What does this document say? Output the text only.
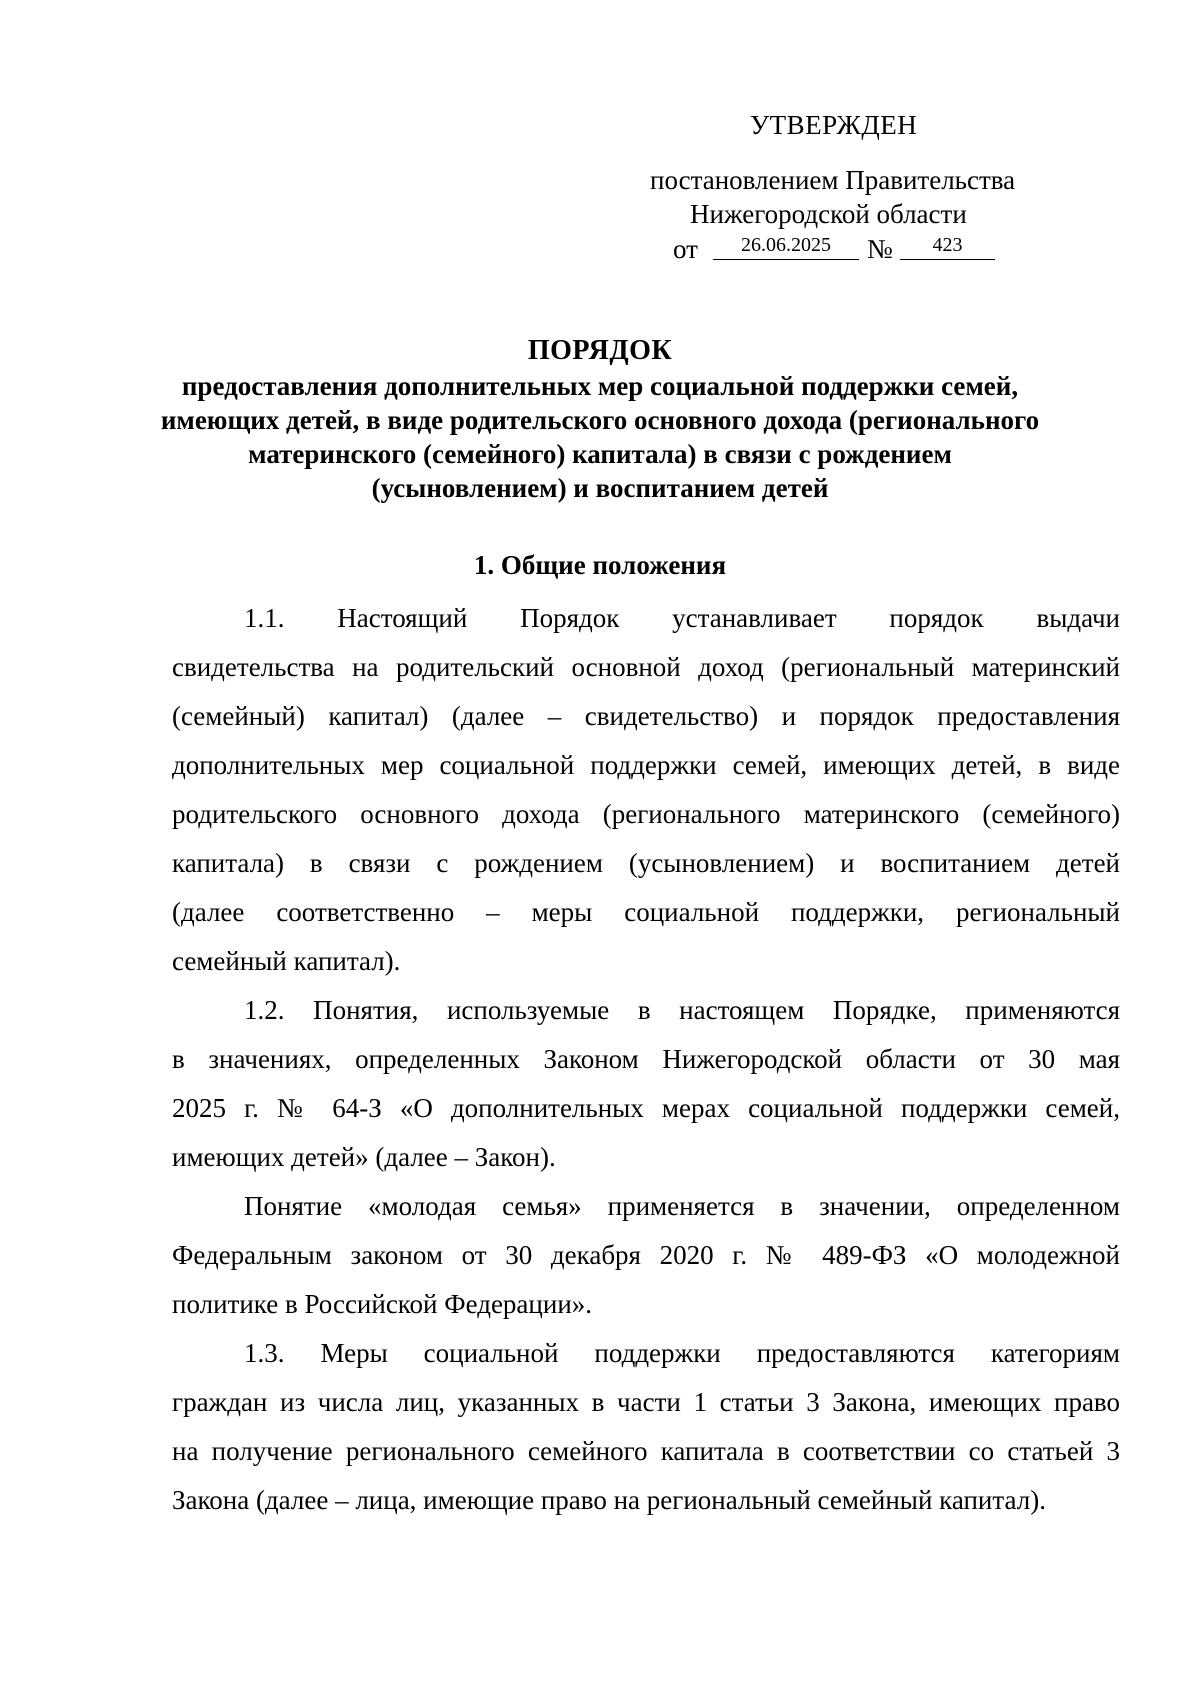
УТВЕРЖДЕН
постановлением Правительства
Нижегородской области
от	26.06.2025	№	423
ПОРЯДОК
предоставления дополнительных мер социальной поддержки семей,
имеющих детей, в виде родительского основного дохода (регионального
материнского (семейного) капитала) в связи с рождением
(усыновлением) и воспитанием детей
1. Общие положения
1.1. Настоящий Порядок устанавливает порядок выдачи
свидетельства на родительский основной доход (региональный материнский
(семейный) капитал) (далее – свидетельство) и порядок предоставления
дополнительных мер социальной поддержки семей, имеющих детей, в виде
родительского основного дохода (регионального материнского (семейного)
капитала) в связи с рождением (усыновлением) и воспитанием детей
(далее соответственно – меры социальной поддержки, региональный
семейный капитал).
1.2. Понятия, используемые в настоящем Порядке, применяются
в значениях, определенных Законом Нижегородской области от 30 мая
2025 г. № 64-З «О дополнительных мерах социальной поддержки семей,
имеющих детей» (далее – Закон).
Понятие «молодая семья» применяется в значении, определенном
Федеральным законом от 30 декабря 2020 г. № 489-ФЗ «О молодежной
политике в Российской Федерации».
1.3. Меры социальной поддержки предоставляются категориям
граждан из числа лиц, указанных в части 1 статьи 3 Закона, имеющих право
на получение регионального семейного капитала в соответствии со статьей 3
Закона (далее – лица, имеющие право на региональный семейный капитал).
